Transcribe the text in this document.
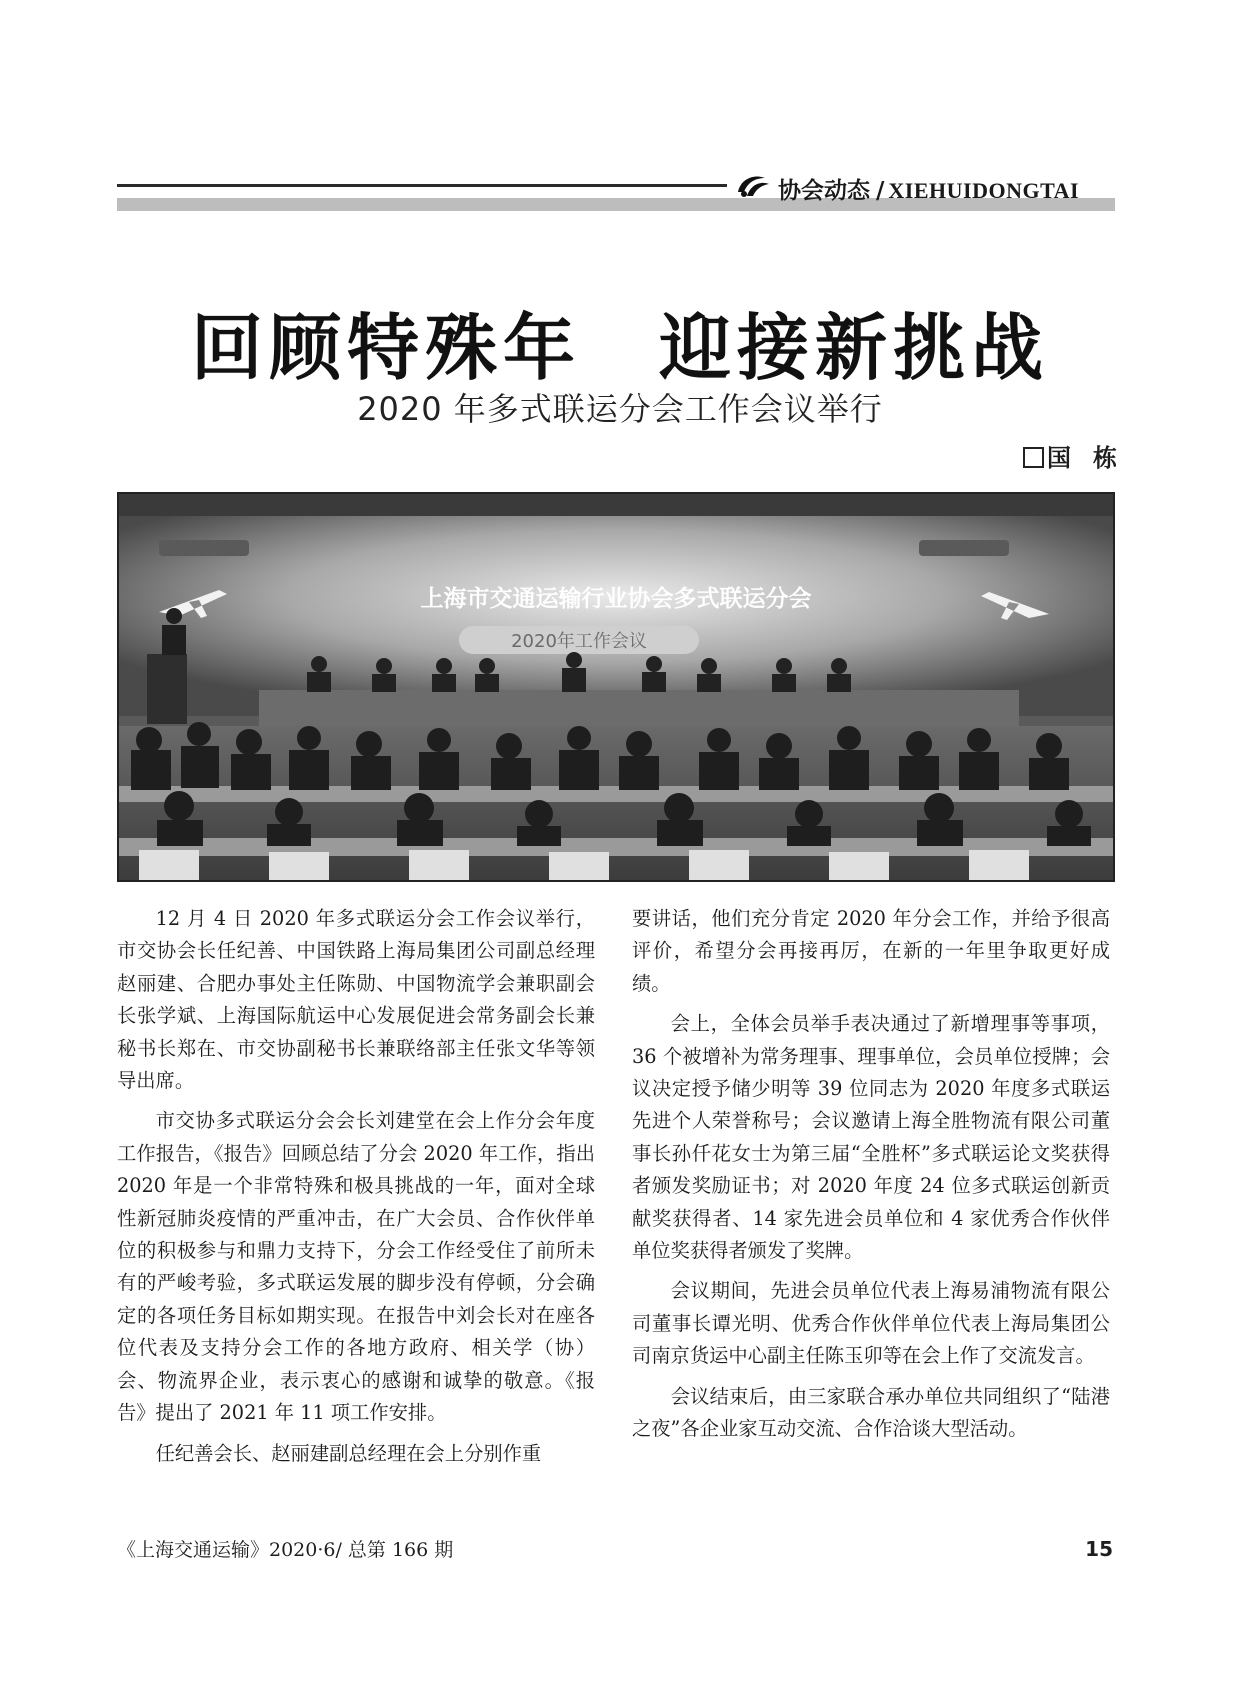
协会动态 / XIEHUIDONGTAI
回顾特殊年 迎接新挑战
2020 年多式联运分会工作会议举行
国 栋
上海市交通运输行业协会多式联运分会
2020年工作会议

12 月 4 日 2020 年多式联运分会工作会议举行，市交协会长任纪善、中国铁路上海局集团公司副总经理赵丽建、合肥办事处主任陈勋、中国物流学会兼职副会长张学斌、上海国际航运中心发展促进会常务副会长兼秘书长郑在、市交协副秘书长兼联络部主任张文华等领导出席。

市交协多式联运分会会长刘建堂在会上作分会年度工作报告，《报告》回顾总结了分会 2020 年工作，指出 2020 年是一个非常特殊和极具挑战的一年，面对全球性新冠肺炎疫情的严重冲击，在广大会员、合作伙伴单位的积极参与和鼎力支持下，分会工作经受住了前所未有的严峻考验，多式联运发展的脚步没有停顿，分会确定的各项任务目标如期实现。在报告中刘会长对在座各位代表及支持分会工作的各地方政府、相关学（协）会、物流界企业，表示衷心的感谢和诚挚的敬意。《报告》提出了 2021 年 11 项工作安排。

任纪善会长、赵丽建副总经理在会上分别作重

要讲话，他们充分肯定 2020 年分会工作，并给予很高评价，希望分会再接再厉，在新的一年里争取更好成绩。

会上，全体会员举手表决通过了新增理事等事项，36 个被增补为常务理事、理事单位，会员单位授牌；会议决定授予储少明等 39 位同志为 2020 年度多式联运先进个人荣誉称号；会议邀请上海全胜物流有限公司董事长孙仟花女士为第三届“全胜杯”多式联运论文奖获得者颁发奖励证书；对 2020 年度 24 位多式联运创新贡献奖获得者、14 家先进会员单位和 4 家优秀合作伙伴单位奖获得者颁发了奖牌。

会议期间，先进会员单位代表上海易浦物流有限公司董事长谭光明、优秀合作伙伴单位代表上海局集团公司南京货运中心副主任陈玉卯等在会上作了交流发言。

会议结束后，由三家联合承办单位共同组织了“陆港之夜”各企业家互动交流、合作洽谈大型活动。

《上海交通运输》2020·6/ 总第 166 期	15
